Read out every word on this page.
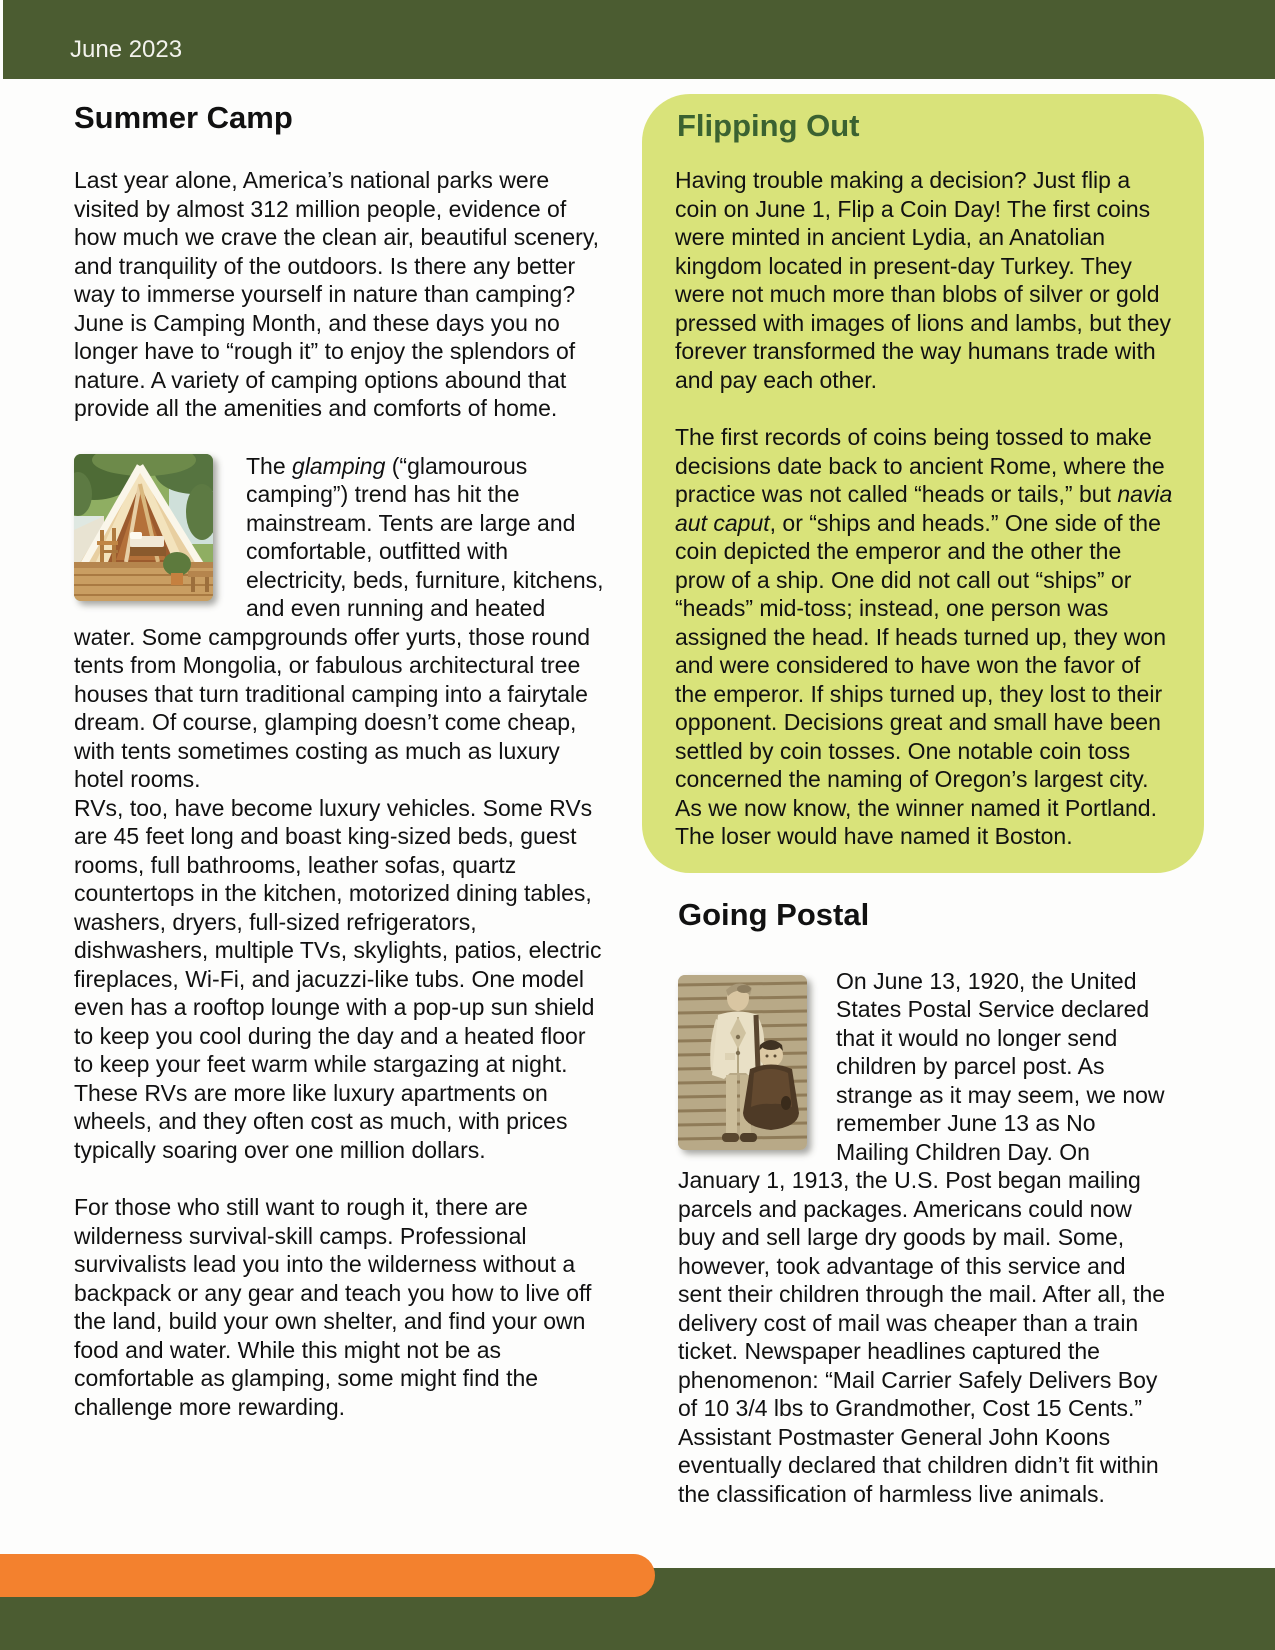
June 2023
Summer Camp

Last year alone, America’s national parks were visited by almost 312 million people, evidence of how much we crave the clean air, beautiful scenery, and tranquility of the outdoors. Is there any better way to immerse yourself in nature than camping? June is Camping Month, and these days you no longer have to “rough it” to enjoy the splendors of nature. A variety of camping options abound that provide all the amenities and comforts of home.

The glamping (“glamourous camping”) trend has hit the mainstream. Tents are large and comfortable, outfitted with electricity, beds, furniture, kitchens, and even running and heated water. Some campgrounds offer yurts, those round tents from Mongolia, or fabulous architectural tree houses that turn traditional camping into a fairytale dream. Of course, glamping doesn’t come cheap, with tents sometimes costing as much as luxury hotel rooms.

RVs, too, have become luxury vehicles. Some RVs are 45 feet long and boast king-sized beds, guest rooms, full bathrooms, leather sofas, quartz countertops in the kitchen, motorized dining tables, washers, dryers, full-sized refrigerators, dishwashers, multiple TVs, skylights, patios, electric fireplaces, Wi-Fi, and jacuzzi-like tubs. One model even has a rooftop lounge with a pop-up sun shield to keep you cool during the day and a heated floor to keep your feet warm while stargazing at night. These RVs are more like luxury apartments on wheels, and they often cost as much, with prices typically soaring over one million dollars.

For those who still want to rough it, there are wilderness survival-skill camps. Professional survivalists lead you into the wilderness without a backpack or any gear and teach you how to live off the land, build your own shelter, and find your own food and water. While this might not be as comfortable as glamping, some might find the challenge more rewarding.

Flipping Out

Having trouble making a decision? Just flip a coin on June 1, Flip a Coin Day! The first coins were minted in ancient Lydia, an Anatolian kingdom located in present-day Turkey. They were not much more than blobs of silver or gold pressed with images of lions and lambs, but they forever transformed the way humans trade with and pay each other.

The first records of coins being tossed to make decisions date back to ancient Rome, where the practice was not called “heads or tails,” but navia aut caput, or “ships and heads.” One side of the coin depicted the emperor and the other the prow of a ship. One did not call out “ships” or “heads” mid-toss; instead, one person was assigned the head. If heads turned up, they won and were considered to have won the favor of the emperor. If ships turned up, they lost to their opponent. Decisions great and small have been settled by coin tosses. One notable coin toss concerned the naming of Oregon’s largest city. As we now know, the winner named it Portland. The loser would have named it Boston.

Going Postal

On June 13, 1920, the United States Postal Service declared that it would no longer send children by parcel post. As strange as it may seem, we now remember June 13 as No Mailing Children Day. On January 1, 1913, the U.S. Post began mailing parcels and packages. Americans could now buy and sell large dry goods by mail. Some, however, took advantage of this service and sent their children through the mail. After all, the delivery cost of mail was cheaper than a train ticket. Newspaper headlines captured the phenomenon: “Mail Carrier Safely Delivers Boy of 10 3/4 lbs to Grandmother, Cost 15 Cents.” Assistant Postmaster General John Koons eventually declared that children didn’t fit within the classification of harmless live animals.
